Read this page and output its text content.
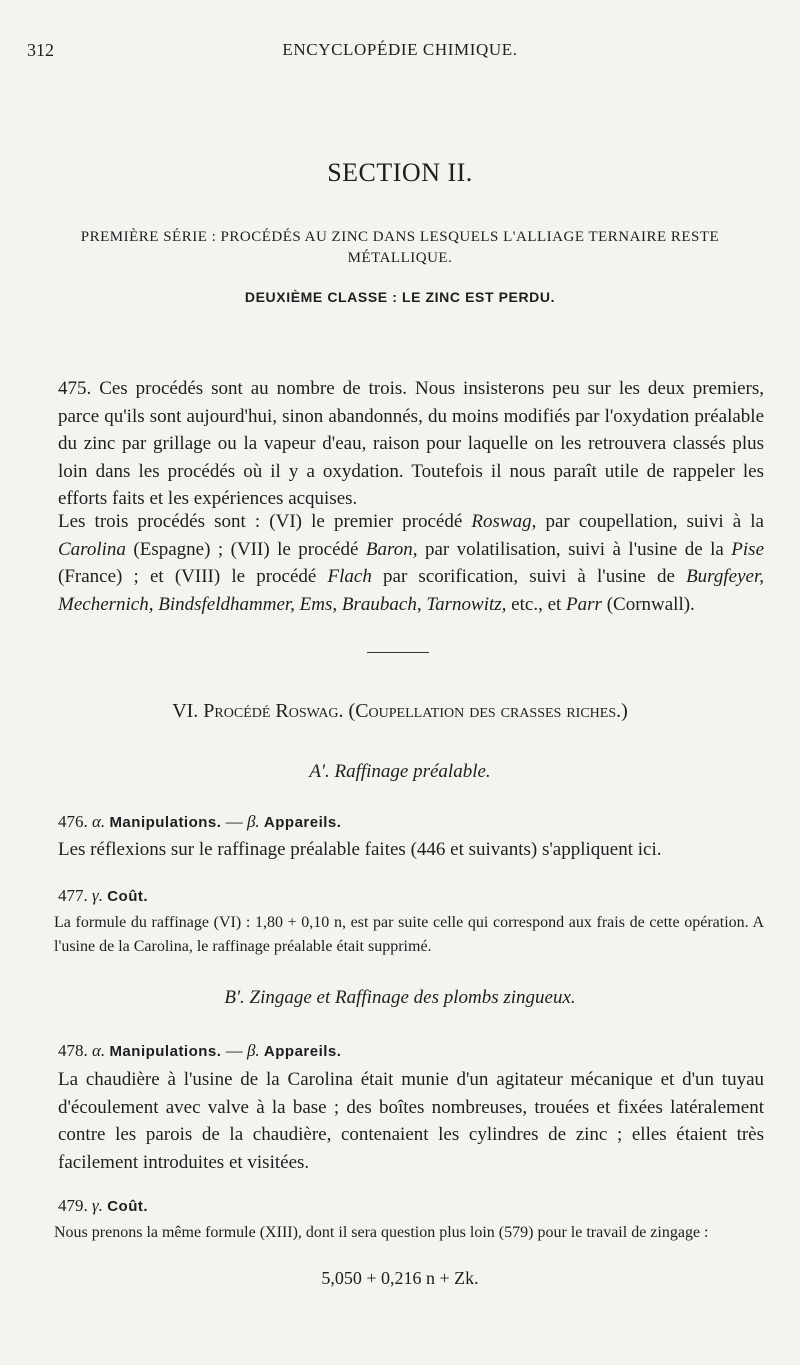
312	ENCYCLOPÉDIE CHIMIQUE.
SECTION II.
PREMIÈRE SÉRIE : PROCÉDÉS AU ZINC DANS LESQUELS L'ALLIAGE TERNAIRE RESTE MÉTALLIQUE.
DEUXIÈME CLASSE : LE ZINC EST PERDU.
475. Ces procédés sont au nombre de trois. Nous insisterons peu sur les deux premiers, parce qu'ils sont aujourd'hui, sinon abandonnés, du moins modifiés par l'oxydation préalable du zinc par grillage ou la vapeur d'eau, raison pour laquelle on les retrouvera classés plus loin dans les procédés où il y a oxydation. Toutefois il nous paraît utile de rappeler les efforts faits et les expériences acquises.
Les trois procédés sont : (VI) le premier procédé Roswag, par coupellation, suivi à la Carolina (Espagne) ; (VII) le procédé Baron, par volatilisation, suivi à l'usine de la Pise (France) ; et (VIII) le procédé Flach par scorification, suivi à l'usine de Burgfeyer, Mechernich, Bindsfeldhammer, Ems, Braubach, Tarnowitz, etc., et Parr (Cornwall).
VI. Procédé Roswag. (Coupellation des crasses riches.)
A'. Raffinage préalable.
476. α. Manipulations. — β. Appareils.
Les réflexions sur le raffinage préalable faites (446 et suivants) s'appliquent ici.
477. γ. Coût.
La formule du raffinage (VI) : 1,80 + 0,10 n, est par suite celle qui correspond aux frais de cette opération. A l'usine de la Carolina, le raffinage préalable était supprimé.
B'. Zingage et Raffinage des plombs zingueux.
478. α. Manipulations. — β. Appareils.
La chaudière à l'usine de la Carolina était munie d'un agitateur mécanique et d'un tuyau d'écoulement avec valve à la base ; des boîtes nombreuses, trouées et fixées latéralement contre les parois de la chaudière, contenaient les cylindres de zinc ; elles étaient très facilement introduites et visitées.
479. γ. Coût.
Nous prenons la même formule (XIII), dont il sera question plus loin (579) pour le travail de zingage :
5,050 + 0,216 n + Zk.
